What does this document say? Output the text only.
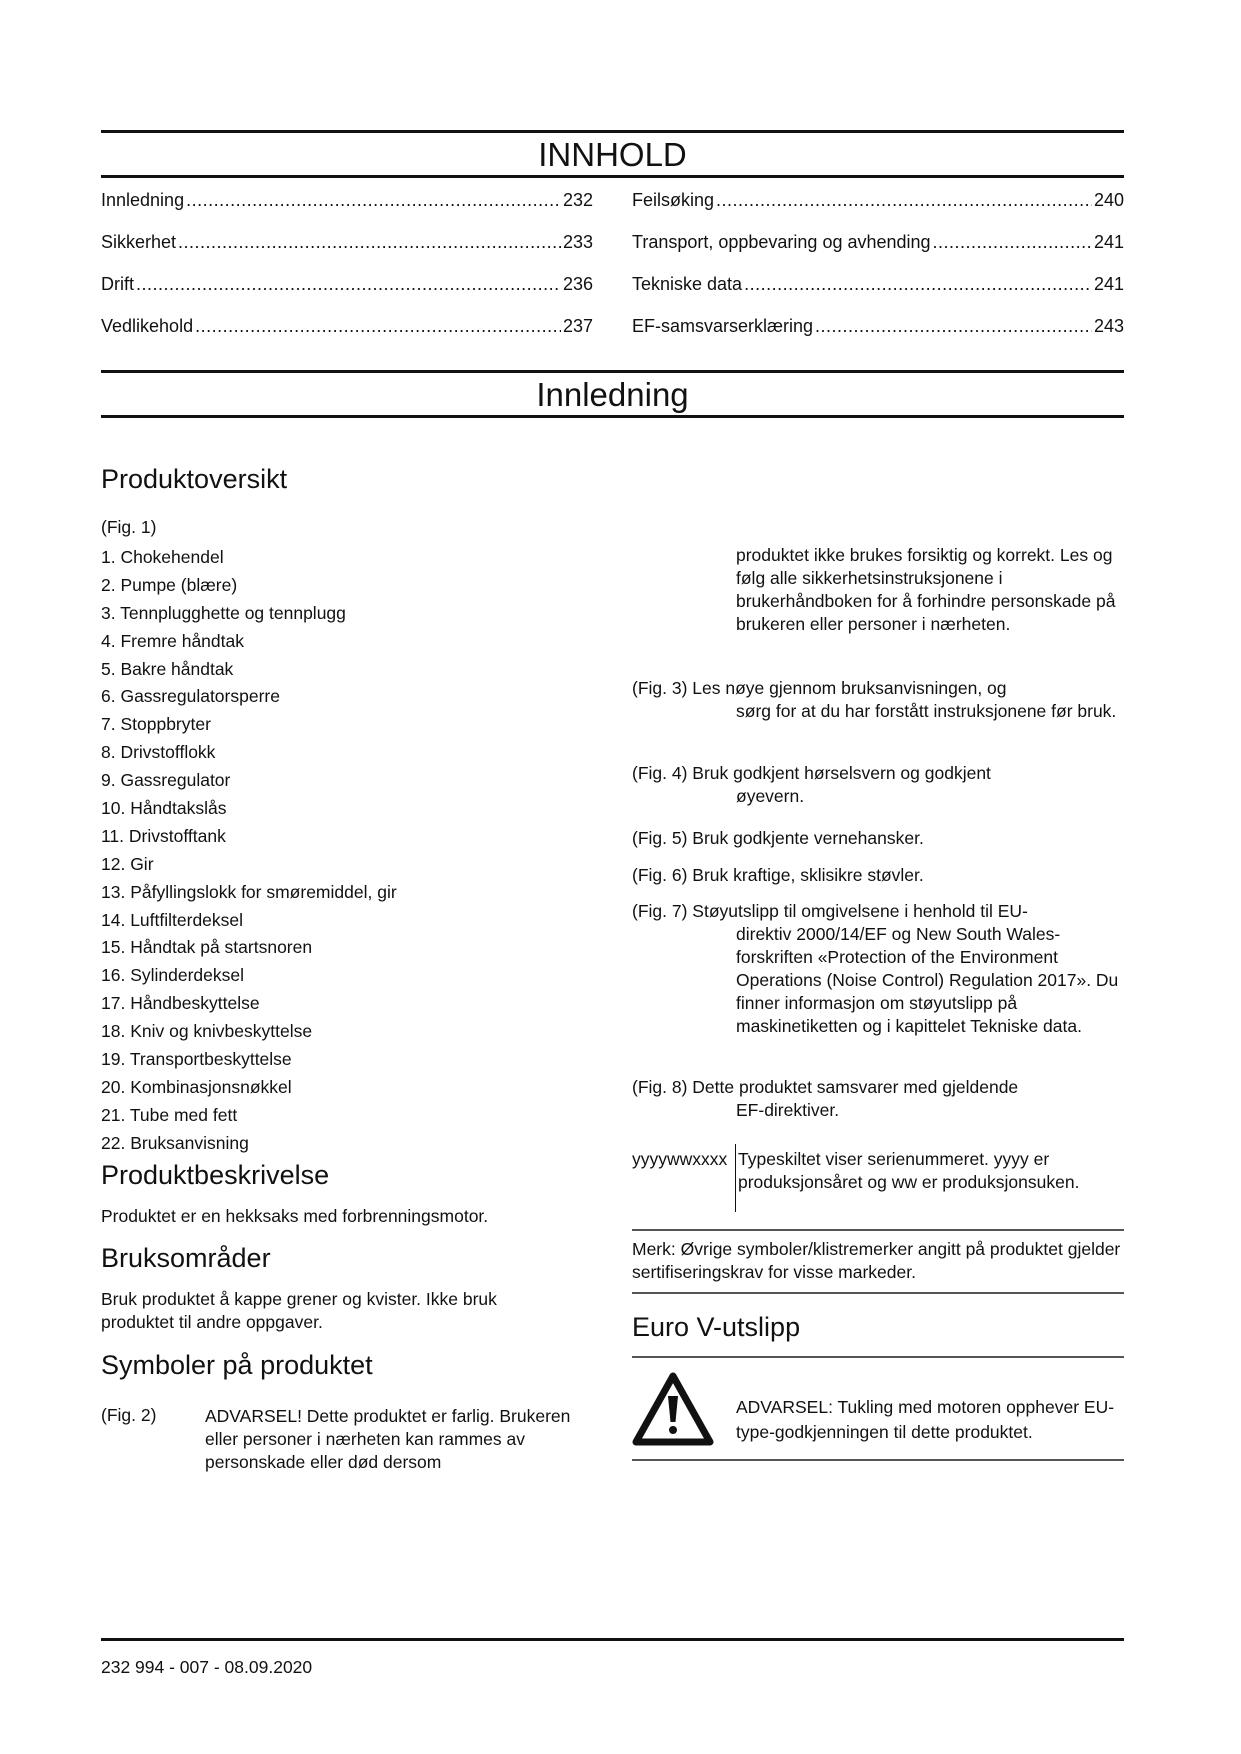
INNHOLD
Innledning .....	232
Sikkerhet .....	233
Drift .....	236
Vedlikehold .....	237
Feilsøking .....	240
Transport, oppbevaring og avhending .....	241
Tekniske data .....	241
EF-samsvarserklæring .....	243
Innledning
Produktoversikt
(Fig. 1)
1. Chokehendel
2. Pumpe (blære)
3. Tennplugghette og tennplugg
4. Fremre håndtak
5. Bakre håndtak
6. Gassregulatorsperre
7. Stoppbryter
8. Drivstofflokk
9. Gassregulator
10. Håndtakslås
11. Drivstofftank
12. Gir
13. Påfyllingslokk for smøremiddel, gir
14. Luftfilterdeksel
15. Håndtak på startsnoren
16. Sylinderdeksel
17. Håndbeskyttelse
18. Kniv og knivbeskyttelse
19. Transportbeskyttelse
20. Kombinasjonsnøkkel
21. Tube med fett
22. Bruksanvisning
Produktbeskrivelse
Produktet er en hekksaks med forbrenningsmotor.
Bruksområder
Bruk produktet å kappe grener og kvister. Ikke bruk produktet til andre oppgaver.
Symboler på produktet
(Fig. 2)	ADVARSEL! Dette produktet er farlig. Brukeren eller personer i nærheten kan rammes av personskade eller død dersom
produktet ikke brukes forsiktig og korrekt. Les og følg alle sikkerhetsinstruksjonene i brukerhåndboken for å forhindre personskade på brukeren eller personer i nærheten.
(Fig. 3) Les nøye gjennom bruksanvisningen, og
sørg for at du har forstått instruksjonene før bruk.
(Fig. 4) Bruk godkjent hørselsvern og godkjent
øyevern.
(Fig. 5) Bruk godkjente vernehansker.
(Fig. 6) Bruk kraftige, sklisikre støvler.
(Fig. 7) Støyutslipp til omgivelsene i henhold til EU-
direktiv 2000/14/EF og New South Wales-forskriften «Protection of the Environment Operations (Noise Control) Regulation 2017». Du finner informasjon om støyutslipp på maskinetiketten og i kapittelet Tekniske data.
(Fig. 8) Dette produktet samsvarer med gjeldende
EF-direktiver.
yyyywwxxxx Typeskiltet viser serienummeret. yyyy er produksjonsåret og ww er produksjonsuken.
Merk: Øvrige symboler/klistremerker angitt på produktet gjelder sertifiseringskrav for visse markeder.
Euro V-utslipp
ADVARSEL: Tukling med motoren opphever EU-type-godkjenningen til dette produktet.
232 994 - 007 - 08.09.2020
